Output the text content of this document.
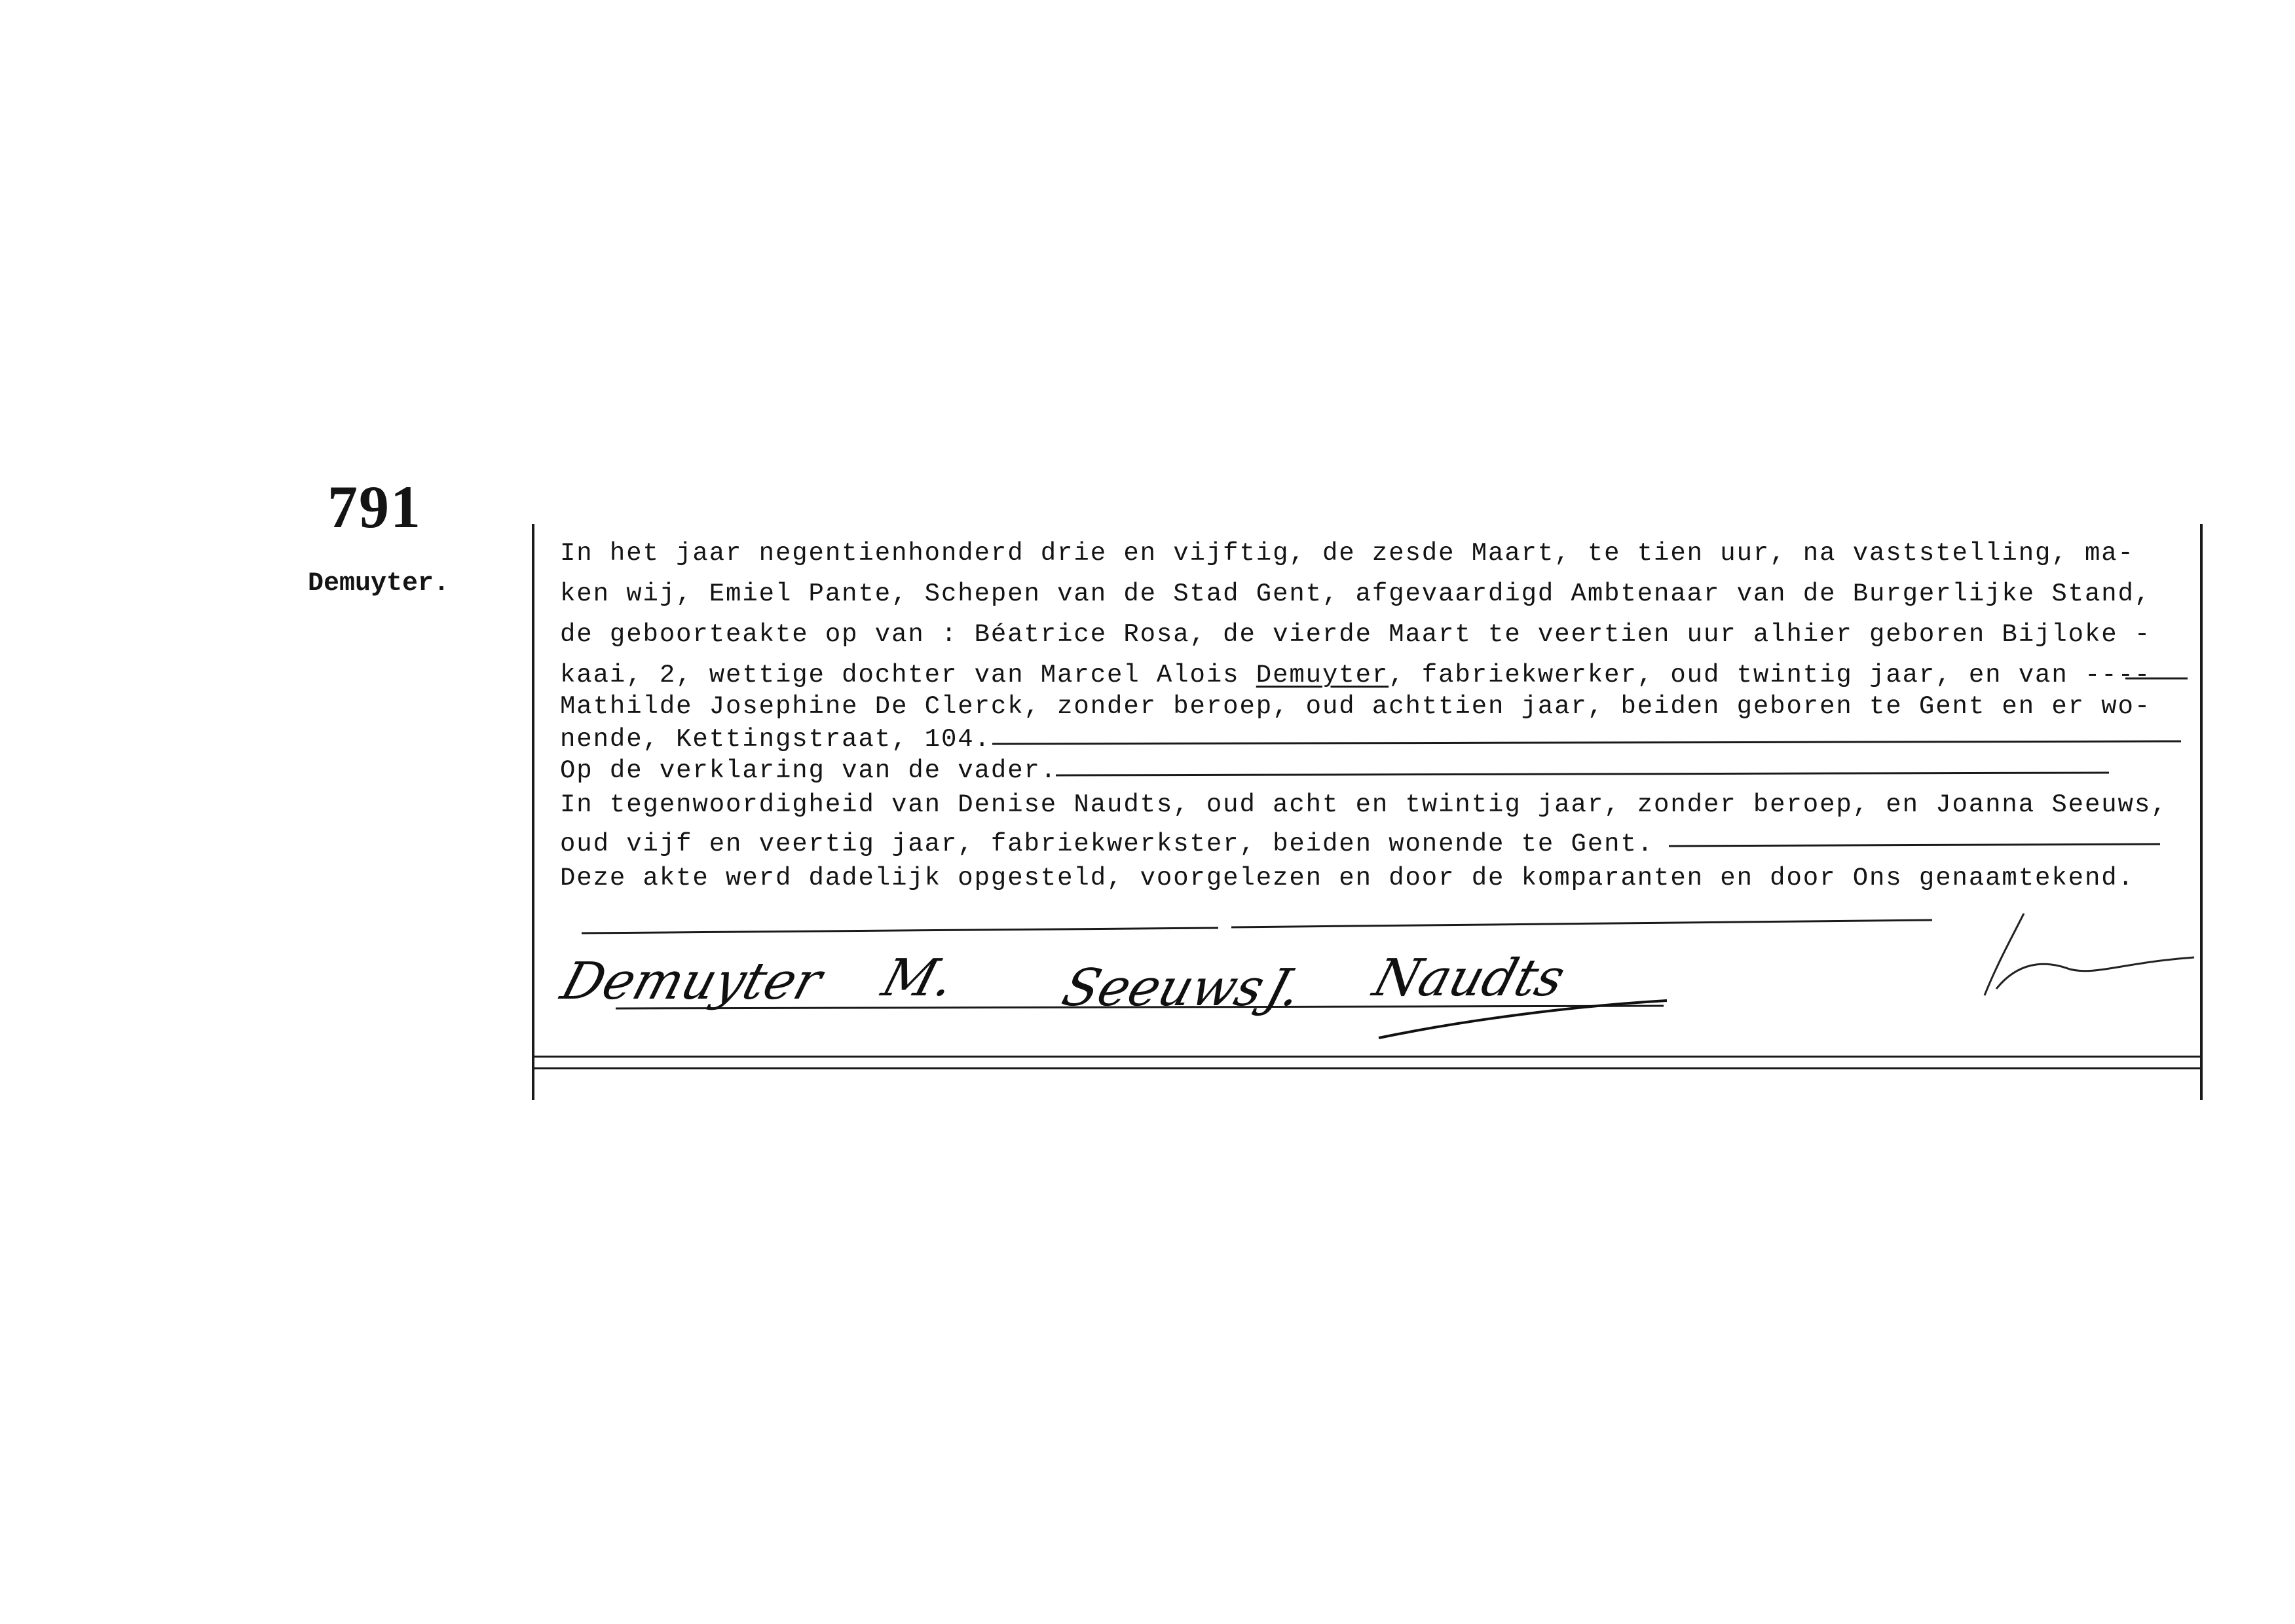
791
Demuyter.
In het jaar negentienhonderd drie en vijftig, de zesde Maart, te tien uur, na vaststelling, ma-
ken wij, Emiel Pante, Schepen van de Stad Gent, afgevaardigd Ambtenaar van de Burgerlijke Stand,
de geboorteakte op van : Béatrice Rosa, de vierde Maart te veertien uur alhier geboren Bijloke -
kaai, 2, wettige dochter van Marcel Alois Demuyter, fabriekwerker, oud twintig jaar, en van ----
Mathilde Josephine De Clerck, zonder beroep, oud achttien jaar, beiden geboren te Gent en er wo-
nende, Kettingstraat, 104.
Op de verklaring van de vader.
In tegenwoordigheid van Denise Naudts, oud acht en twintig jaar, zonder beroep, en Joanna Seeuws,
oud vijf en veertig jaar, fabriekwerkster, beiden wonende te Gent.
Deze akte werd dadelijk opgesteld, voorgelezen en door de komparanten en door Ons genaamtekend.
Demuyter M. Seeuws
J. Naudts
